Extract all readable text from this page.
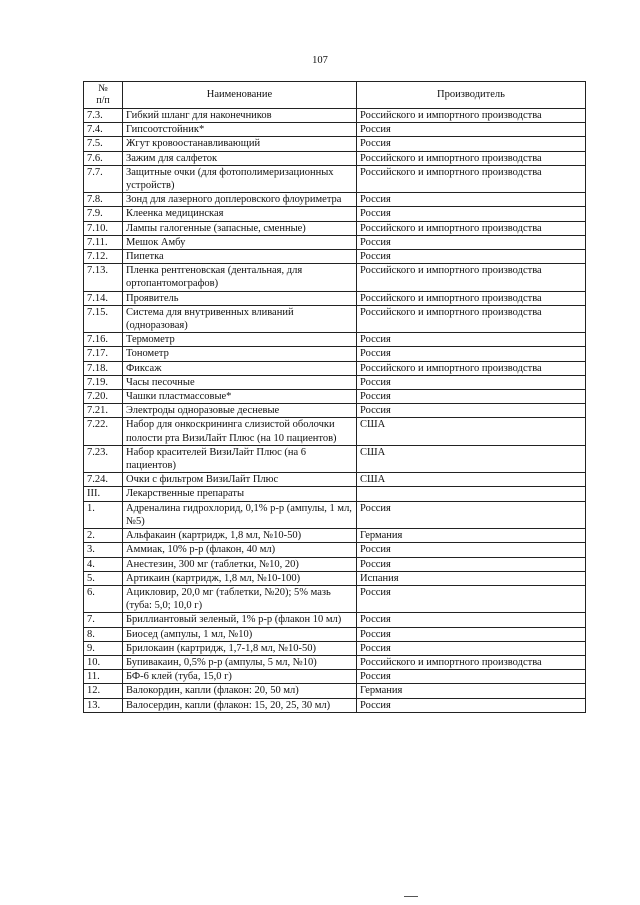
107
№
п/п	Наименование	Производитель
7.3.	Гибкий шланг для наконечников	Российского и импортного производства
7.4.	Гипсоотстойник*	Россия
7.5.	Жгут кровоостанавливающий	Россия
7.6.	Зажим для салфеток	Российского и импортного производства
7.7.	Защитные очки (для фотополимеризационных устройств)	Российского и импортного производства
7.8.	Зонд для лазерного доплеровского флоуриметра	Россия
7.9.	Клеенка медицинская	Россия
7.10.	Лампы галогенные (запасные, сменные)	Российского и импортного производства
7.11.	Мешок Амбу	Россия
7.12.	Пипетка	Россия
7.13.	Пленка рентгеновская (дентальная, для ортопантомографов)	Российского и импортного производства
7.14.	Проявитель	Российского и импортного производства
7.15.	Система для внутривенных вливаний (одноразовая)	Российского и импортного производства
7.16.	Термометр	Россия
7.17.	Тонометр	Россия
7.18.	Фиксаж	Российского и импортного производства
7.19.	Часы песочные	Россия
7.20.	Чашки пластмассовые*	Россия
7.21.	Электроды одноразовые десневые	Россия
7.22.	Набор для онкоскрининга слизистой оболочки полости рта ВизиЛайт Плюс (на 10 пациентов)	США
7.23.	Набор красителей ВизиЛайт Плюс (на 6 пациентов)	США
7.24.	Очки с фильтром ВизиЛайт Плюс	США
III.	Лекарственные препараты	
1.	Адреналина гидрохлорид, 0,1% р-р (ампулы, 1 мл, №5)	Россия
2.	Альфакаин (картридж, 1,8 мл, №10-50)	Германия
3.	Аммиак, 10% р-р (флакон, 40 мл)	Россия
4.	Анестезин, 300 мг (таблетки, №10, 20)	Россия
5.	Артикаин (картридж, 1,8 мл, №10-100)	Испания
6.	Ацикловир, 20,0 мг (таблетки, №20); 5% мазь (туба: 5,0; 10,0 г)	Россия
7.	Бриллиантовый зеленый, 1% р-р (флакон 10 мл)	Россия
8.	Биосед (ампулы, 1 мл, №10)	Россия
9.	Брилокаин (картридж, 1,7-1,8 мл, №10-50)	Россия
10.	Бупивакаин, 0,5% р-р (ампулы, 5 мл, №10)	Российского и импортного производства
11.	БФ-6 клей (туба, 15,0 г)	Россия
12.	Валокордин, капли (флакон: 20, 50 мл)	Германия
13.	Валосердин, капли (флакон: 15, 20, 25, 30 мл)	Россия
